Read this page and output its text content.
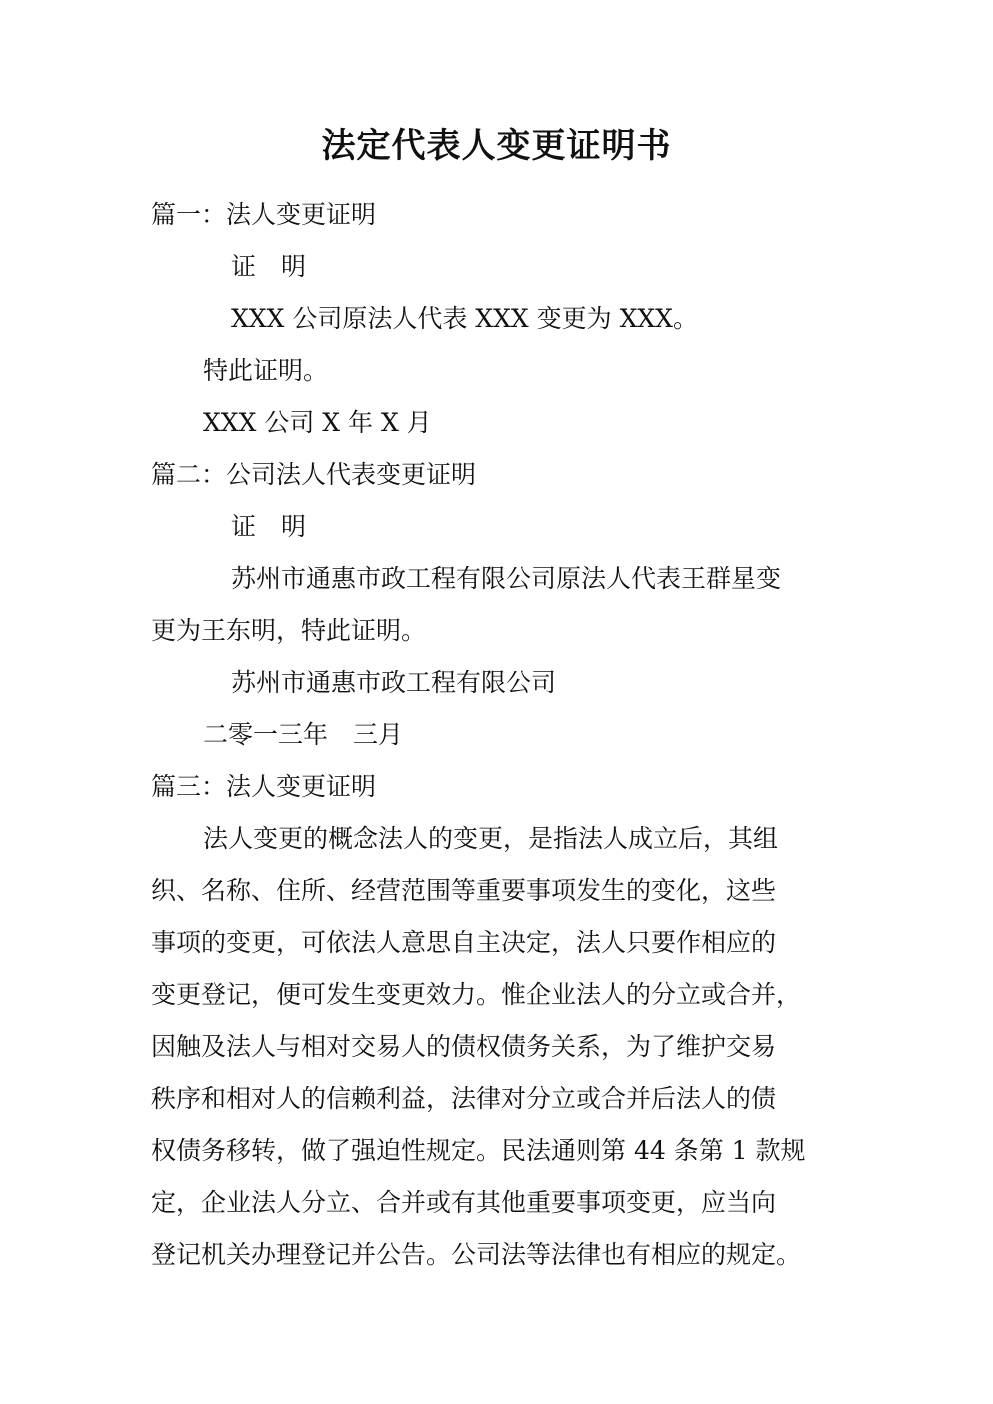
法定代表人变更证明书
篇一：法人变更证明
证　明
XXX 公司原法人代表 XXX 变更为 XXX。
特此证明。
XXX 公司 X 年 X 月
篇二：公司法人代表变更证明
证　明
苏州市通惠市政工程有限公司原法人代表王群星变
更为王东明，特此证明。
苏州市通惠市政工程有限公司
二零一三年　三月
篇三：法人变更证明
法人变更的概念法人的变更，是指法人成立后，其组
织、名称、住所、经营范围等重要事项发生的变化，这些
事项的变更，可依法人意思自主决定，法人只要作相应的
变更登记，便可发生变更效力。惟企业法人的分立或合并，
因触及法人与相对交易人的债权债务关系，为了维护交易
秩序和相对人的信赖利益，法律对分立或合并后法人的债
权债务移转，做了强迫性规定。民法通则第 44 条第 1 款规
定，企业法人分立、合并或有其他重要事项变更，应当向
登记机关办理登记并公告。公司法等法律也有相应的规定。
